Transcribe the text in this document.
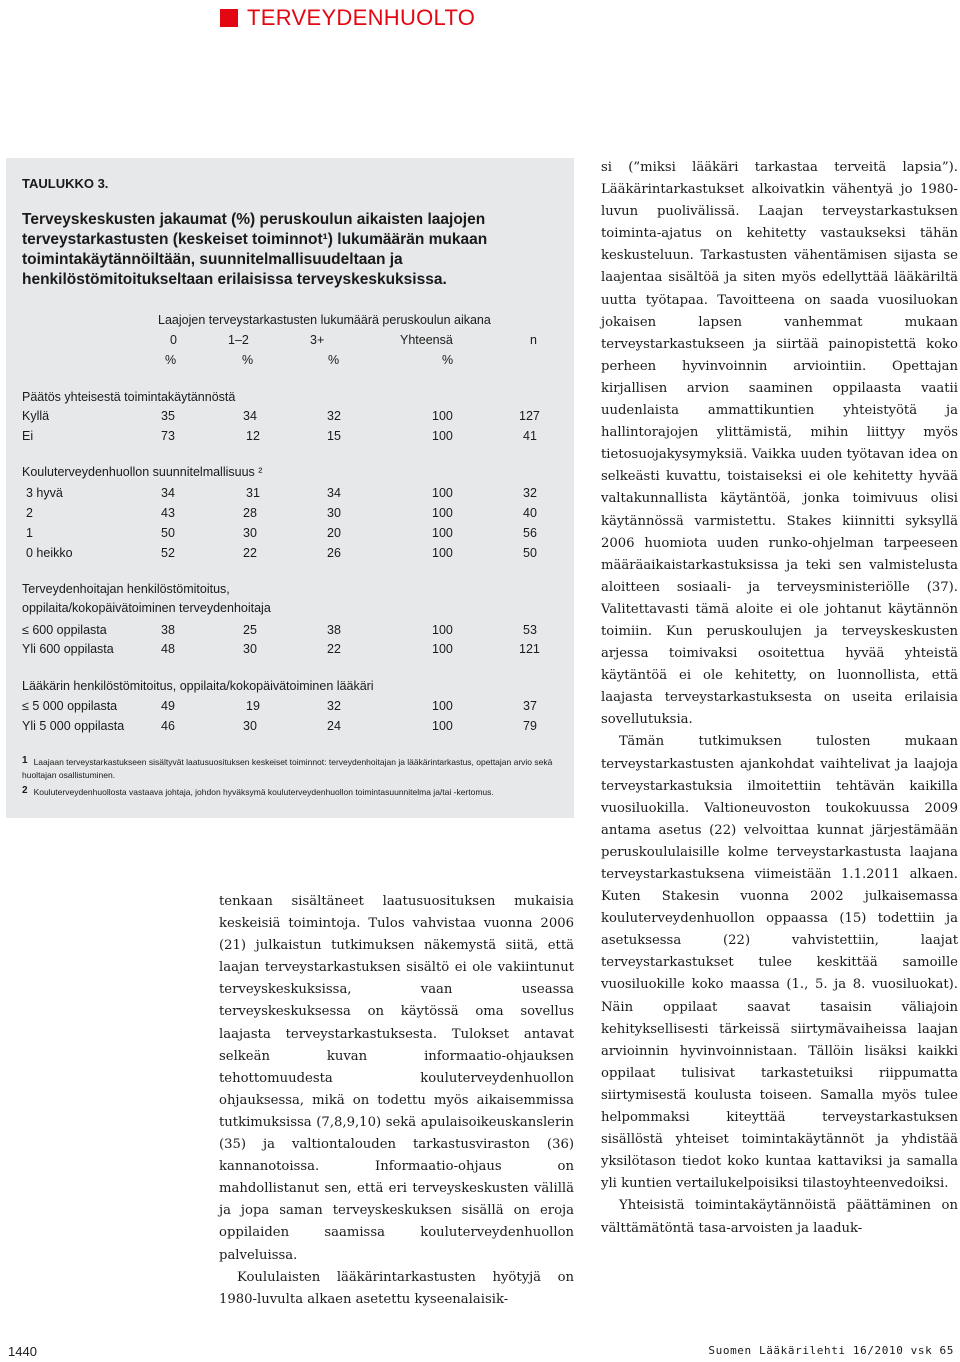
TERVEYDENHUOLTO
TAULUKKO 3.
Terveyskeskusten jakaumat (%) peruskoulun aikaisten laajojen terveystarkastusten (keskeiset toiminnot¹) lukumäärän mukaan toimintakäytännöiltään, suunnitelmallisuudeltaan ja henkilöstömitoitukseltaan erilaisissa terveyskeskuksissa.
Laajojen terveystarkastusten lukumäärä peruskoulun aikana
0	1–2	3+	Yhteensä	n
%	%	%	%
Päätös yhteisestä toimintakäytännöstä
Kyllä	35	34	32	100	127
Ei	73	12	15	100	41
Kouluterveydenhuollon suunnitelmallisuus ²
3 hyvä	34	31	34	100	32
2	43	28	30	100	40
1	50	30	20	100	56
0 heikko	52	22	26	100	50
Terveydenhoitajan henkilöstömitoitus,
oppilaita/kokopäivätoiminen terveydenhoitaja
≤ 600 oppilasta	38	25	38	100	53
Yli 600 oppilasta	48	30	22	100	121
Lääkärin henkilöstömitoitus, oppilaita/kokopäivätoiminen lääkäri
≤ 5 000 oppilasta	49	19	32	100	37
Yli 5 000 oppilasta	46	30	24	100	79
$^1$ Laajaan terveystarkastukseen sisältyvät laatusuosituksen keskeiset toiminnot: terveydenhoitajan ja lääkärintarkastus, opettajan arvio sekä huoltajan osallistuminen.
$^2$ Kouluterveydenhuollosta vastaava johtaja, johdon hyväksymä kouluterveydenhuollon toimintasuunnitelma ja/tai -kertomus.

tenkaan sisältäneet laatusuosituksen mukaisia keskeisiä toimintoja. Tulos vahvistaa vuonna 2006 (21) julkaistun tutkimuksen näkemystä siitä, että laajan terveystarkastuksen sisältö ei ole vakiintunut terveyskeskuksissa, vaan useassa terveyskeskuksessa on käytössä oma sovellus laajasta terveystarkastuksesta. Tulokset antavat selkeän kuvan informaatio-ohjauksen tehottomuudesta kouluterveydenhuollon ohjauksessa, mikä on todettu myös aikaisemmissa tutkimuksissa (7,8,9,10) sekä apulaisoikeuskanslerin (35) ja valtiontalouden tarkastusviraston (36) kannanotoissa. Informaatio-ohjaus on mahdollistanut sen, että eri terveyskeskusten välillä ja jopa saman terveyskeskuksen sisällä on eroja oppilaiden saamissa kouluterveydenhuollon palveluissa.

Koululaisten lääkärintarkastusten hyötyjä on 1980-luvulta alkaen asetettu kyseenalaisik-

si (”miksi lääkäri tarkastaa terveitä lapsia”). Lääkärintarkastukset alkoivatkin vähentyä jo 1980-luvun puolivälissä. Laajan terveystarkastuksen toiminta-ajatus on kehitetty vastaukseksi tähän keskusteluun. Tarkastusten vähentämisen sijasta se laajentaa sisältöä ja siten myös edellyttää lääkäriltä uutta työtapaa. Tavoitteena on saada vuosiluokan jokaisen lapsen vanhemmat mukaan terveystarkastukseen ja siirtää painopistettä koko perheen hyvinvoinnin arviointiin. Opettajan kirjallisen arvion saaminen oppilaasta vaatii uudenlaista ammattikuntien yhteistyötä ja hallintorajojen ylittämistä, mihin liittyy myös tietosuojakysymyksiä. Vaikka uuden työtavan idea on selkeästi kuvattu, toistaiseksi ei ole kehitetty hyvää valtakunnallista käytäntöä, jonka toimivuus olisi käytännössä varmistettu. Stakes kiinnitti syksyllä 2006 huomiota uuden runko-ohjelman tarpeeseen määräaikaistarkastuksissa ja teki sen valmistelusta aloitteen sosiaali- ja terveysministeriölle (37). Valitettavasti tämä aloite ei ole johtanut käytännön toimiin. Kun peruskoulujen ja terveyskeskusten arjessa toimivaksi osoitettua hyvää yhteistä käytäntöä ei ole kehitetty, on luonnollista, että laajasta terveystarkastuksesta on useita erilaisia sovellutuksia.

Tämän tutkimuksen tulosten mukaan terveystarkastusten ajankohdat vaihtelivat ja laajoja terveystarkastuksia ilmoitettiin tehtävän kaikilla vuosiluokilla. Valtioneuvoston toukokuussa 2009 antama asetus (22) velvoittaa kunnat järjestämään peruskoululaisille kolme terveystarkastusta laajana terveystarkastuksena viimeistään 1.1.2011 alkaen. Kuten Stakesin vuonna 2002 julkaisemassa kouluterveydenhuollon oppaassa (15) todettiin ja asetuksessa (22) vahvistettiin, laajat terveystarkastukset tulee keskittää samoille vuosiluokille koko maassa (1., 5. ja 8. vuosiluokat). Näin oppilaat saavat tasaisin väliajoin kehityksellisesti tärkeissä siirtymävaiheissa laajan arvioinnin hyvinvoinnistaan. Tällöin lisäksi kaikki oppilaat tulisivat tarkastetuiksi riippumatta siirtymisestä koulusta toiseen. Samalla myös tulee helpommaksi kiteyttää terveystarkastuksen sisällöstä yhteiset toimintakäytännöt ja yhdistää yksilötason tiedot koko kuntaa kattaviksi ja samalla yli kuntien vertailukelpoisiksi tilastoyhteenvedoiksi.

Yhteisistä toimintakäytännöistä päättäminen on välttämätöntä tasa-arvoisten ja laaduk-

1440	Suomen Lääkärilehti 16/2010 vsk 65
